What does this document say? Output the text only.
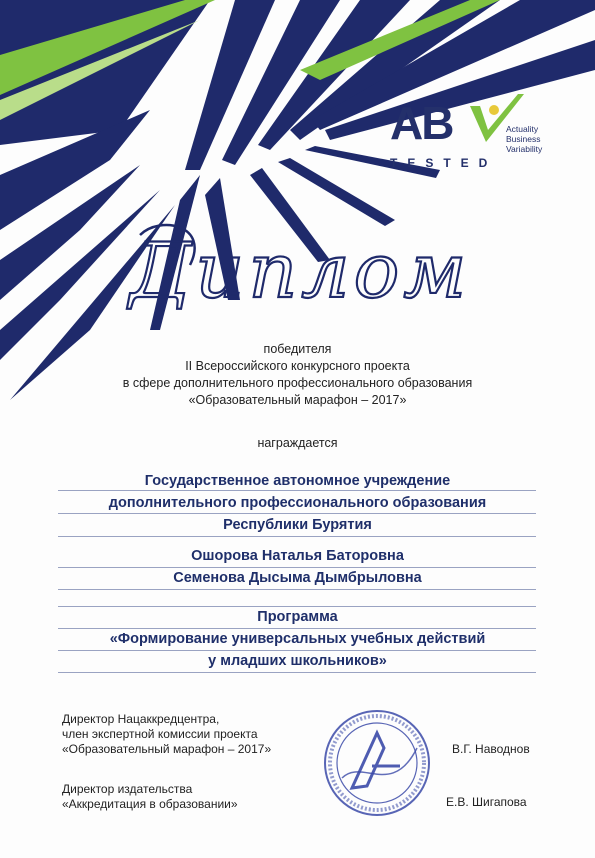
AB	Actuality
Business
Variability
TESTED
Диплом
победителя
II Всероссийского конкурсного проекта
в сфере дополнительного профессионального образования
«Образовательный марафон – 2017»
награждается
Государственное автономное учреждение
дополнительного профессионального образования
Республики Бурятия
Ошорова Наталья Баторовна
Семенова Дысыма Дымбрыловна
Программа
«Формирование универсальных учебных действий
у младших школьников»
Директор Нацаккредцентра,
член экспертной комиссии проекта
«Образовательный марафон – 2017»	В.Г. Наводнов
Директор издательства
«Аккредитация в образовании»	Е.В. Шигапова
